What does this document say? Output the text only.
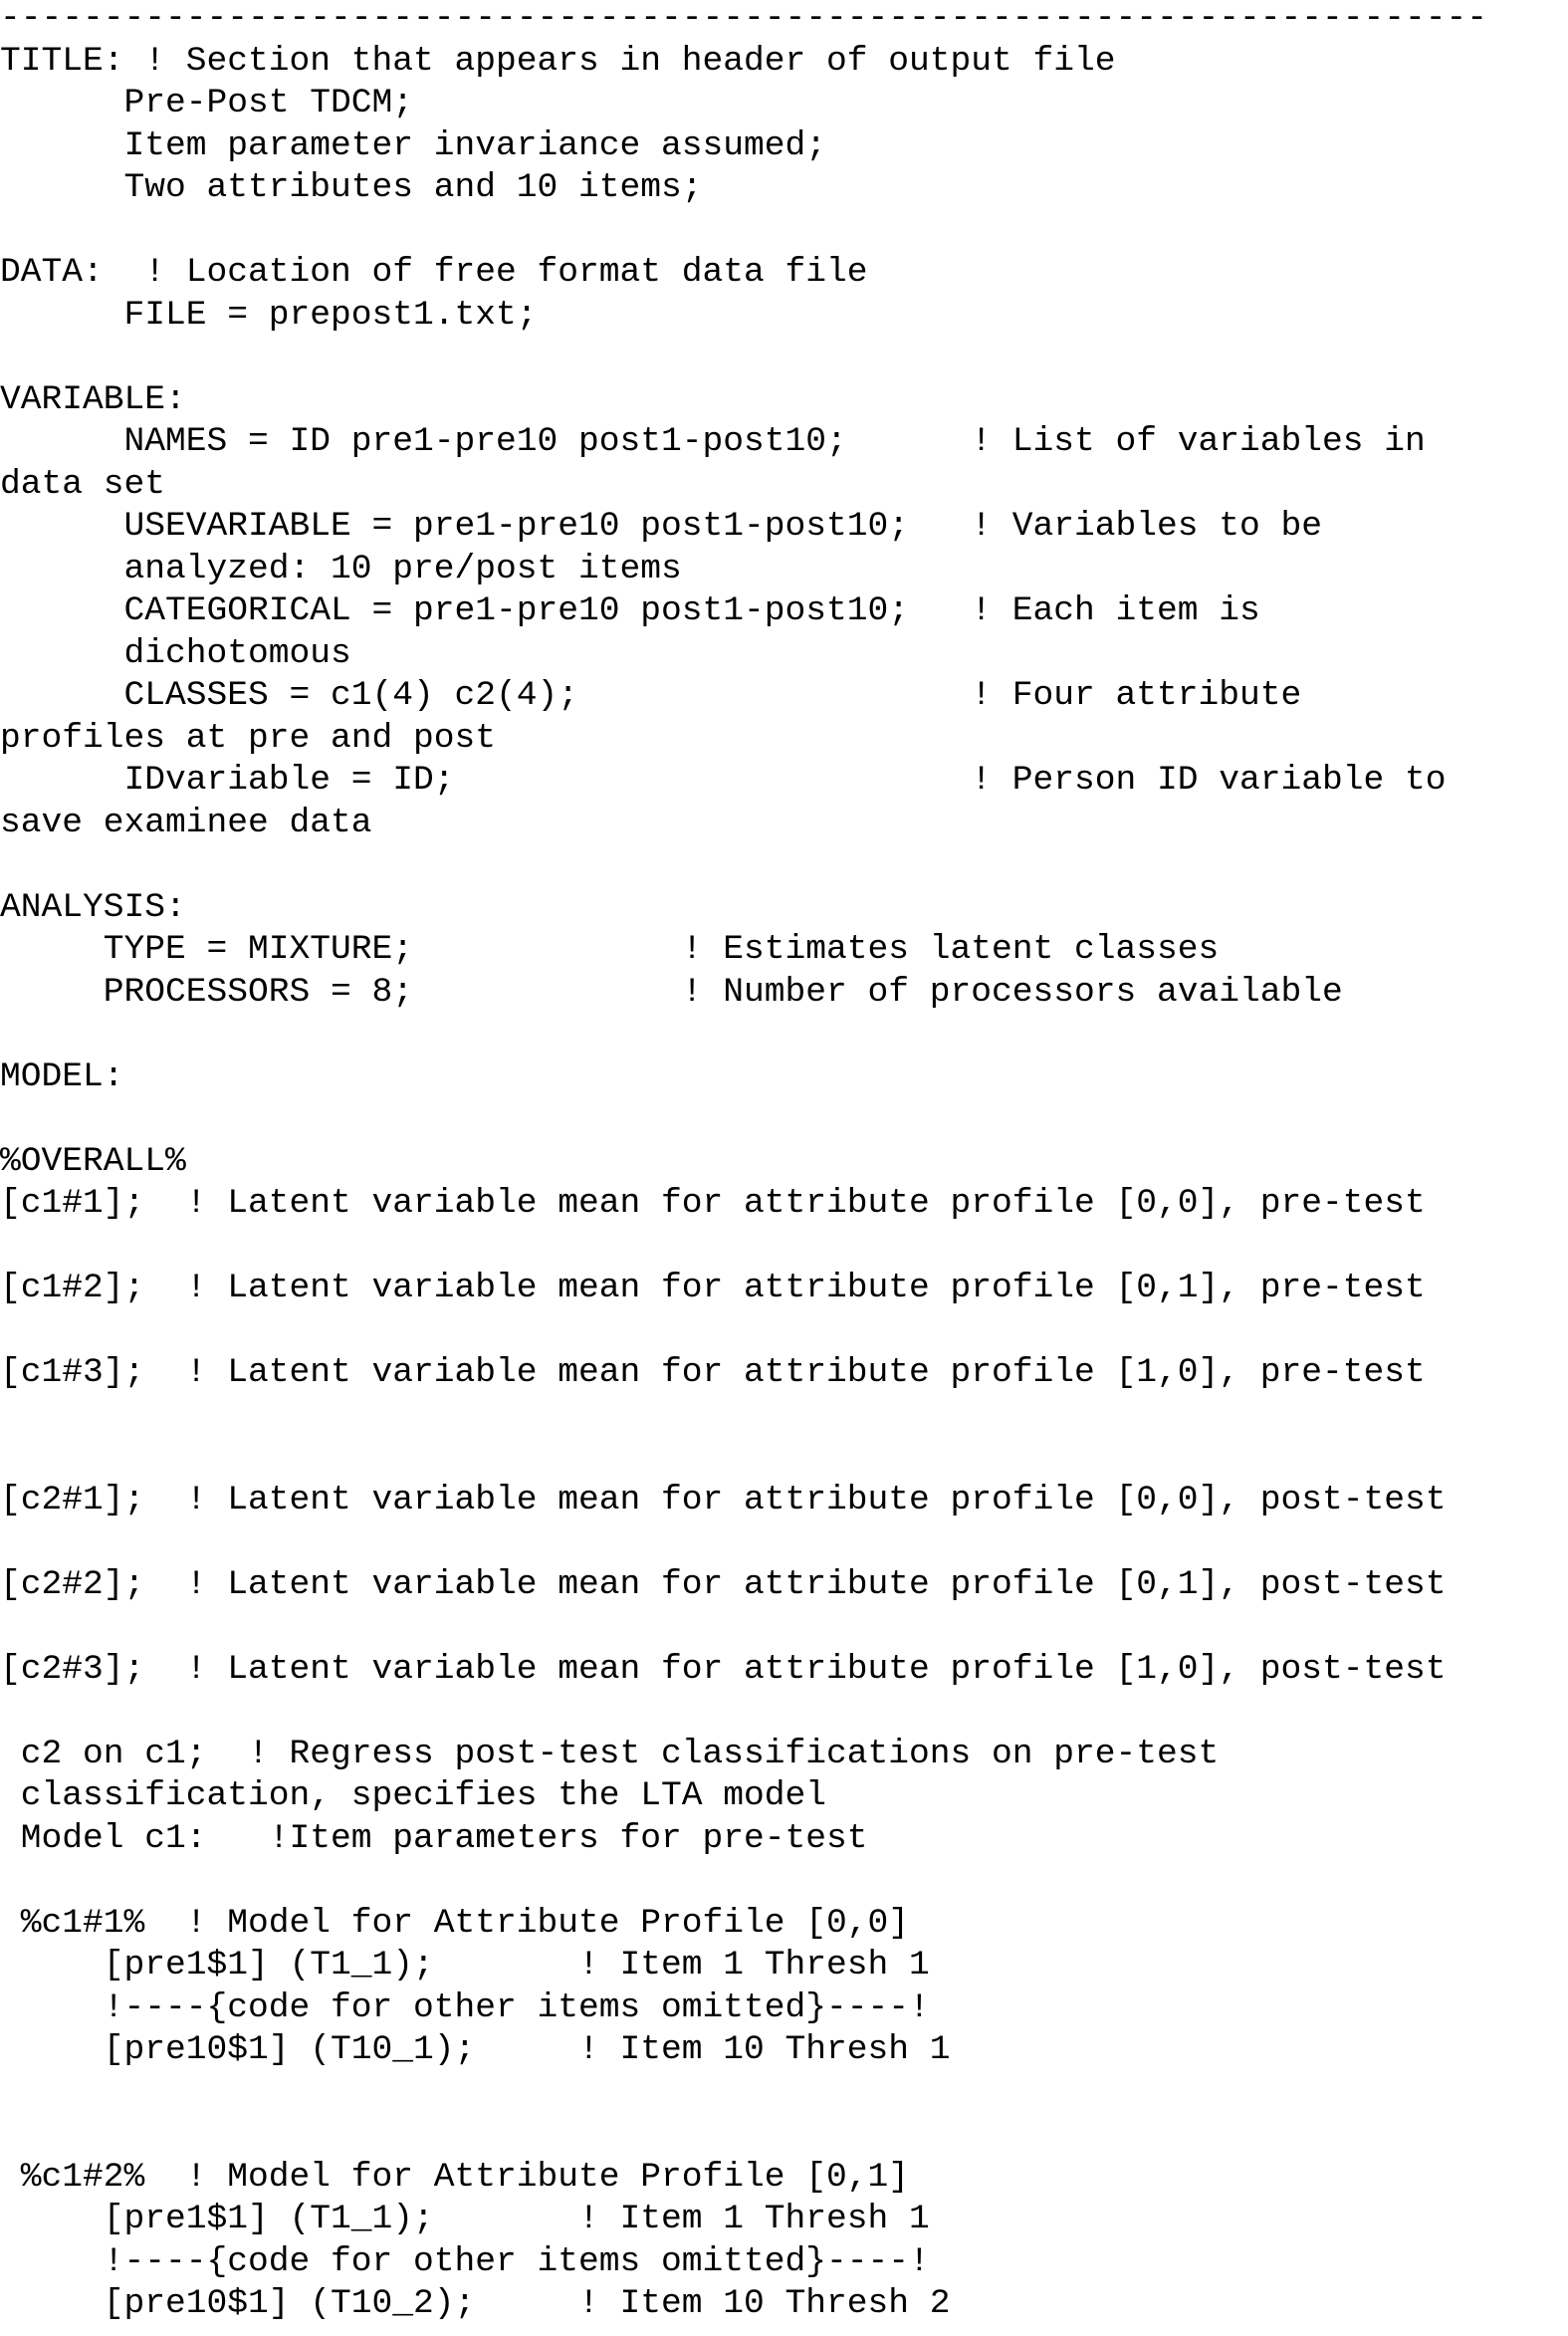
------------------------------------------------------------------------
TITLE: ! Section that appears in header of output file
Pre-Post TDCM;
Item parameter invariance assumed;
Two attributes and 10 items;
DATA:  ! Location of free format data file
FILE = prepost1.txt;
VARIABLE:
NAMES = ID pre1-pre10 post1-post10;      ! List of variables in
data set
USEVARIABLE = pre1-pre10 post1-post10;   ! Variables to be
analyzed: 10 pre/post items
CATEGORICAL = pre1-pre10 post1-post10;   ! Each item is
dichotomous
CLASSES = c1(4) c2(4);                   ! Four attribute
profiles at pre and post
IDvariable = ID;                         ! Person ID variable to
save examinee data
ANALYSIS:
TYPE = MIXTURE;             ! Estimates latent classes
PROCESSORS = 8;             ! Number of processors available
MODEL:
%OVERALL%
[c1#1];  ! Latent variable mean for attribute profile [0,0], pre-test
[c1#2];  ! Latent variable mean for attribute profile [0,1], pre-test
[c1#3];  ! Latent variable mean for attribute profile [1,0], pre-test
[c2#1];  ! Latent variable mean for attribute profile [0,0], post-test
[c2#2];  ! Latent variable mean for attribute profile [0,1], post-test
[c2#3];  ! Latent variable mean for attribute profile [1,0], post-test
c2 on c1;  ! Regress post-test classifications on pre-test
classification, specifies the LTA model
Model c1:   !Item parameters for pre-test
%c1#1%  ! Model for Attribute Profile [0,0]
[pre1$1] (T1_1);       ! Item 1 Thresh 1
!----{code for other items omitted}----!
[pre10$1] (T10_1);     ! Item 10 Thresh 1
%c1#2%  ! Model for Attribute Profile [0,1]
[pre1$1] (T1_1);       ! Item 1 Thresh 1
!----{code for other items omitted}----!
[pre10$1] (T10_2);     ! Item 10 Thresh 2
